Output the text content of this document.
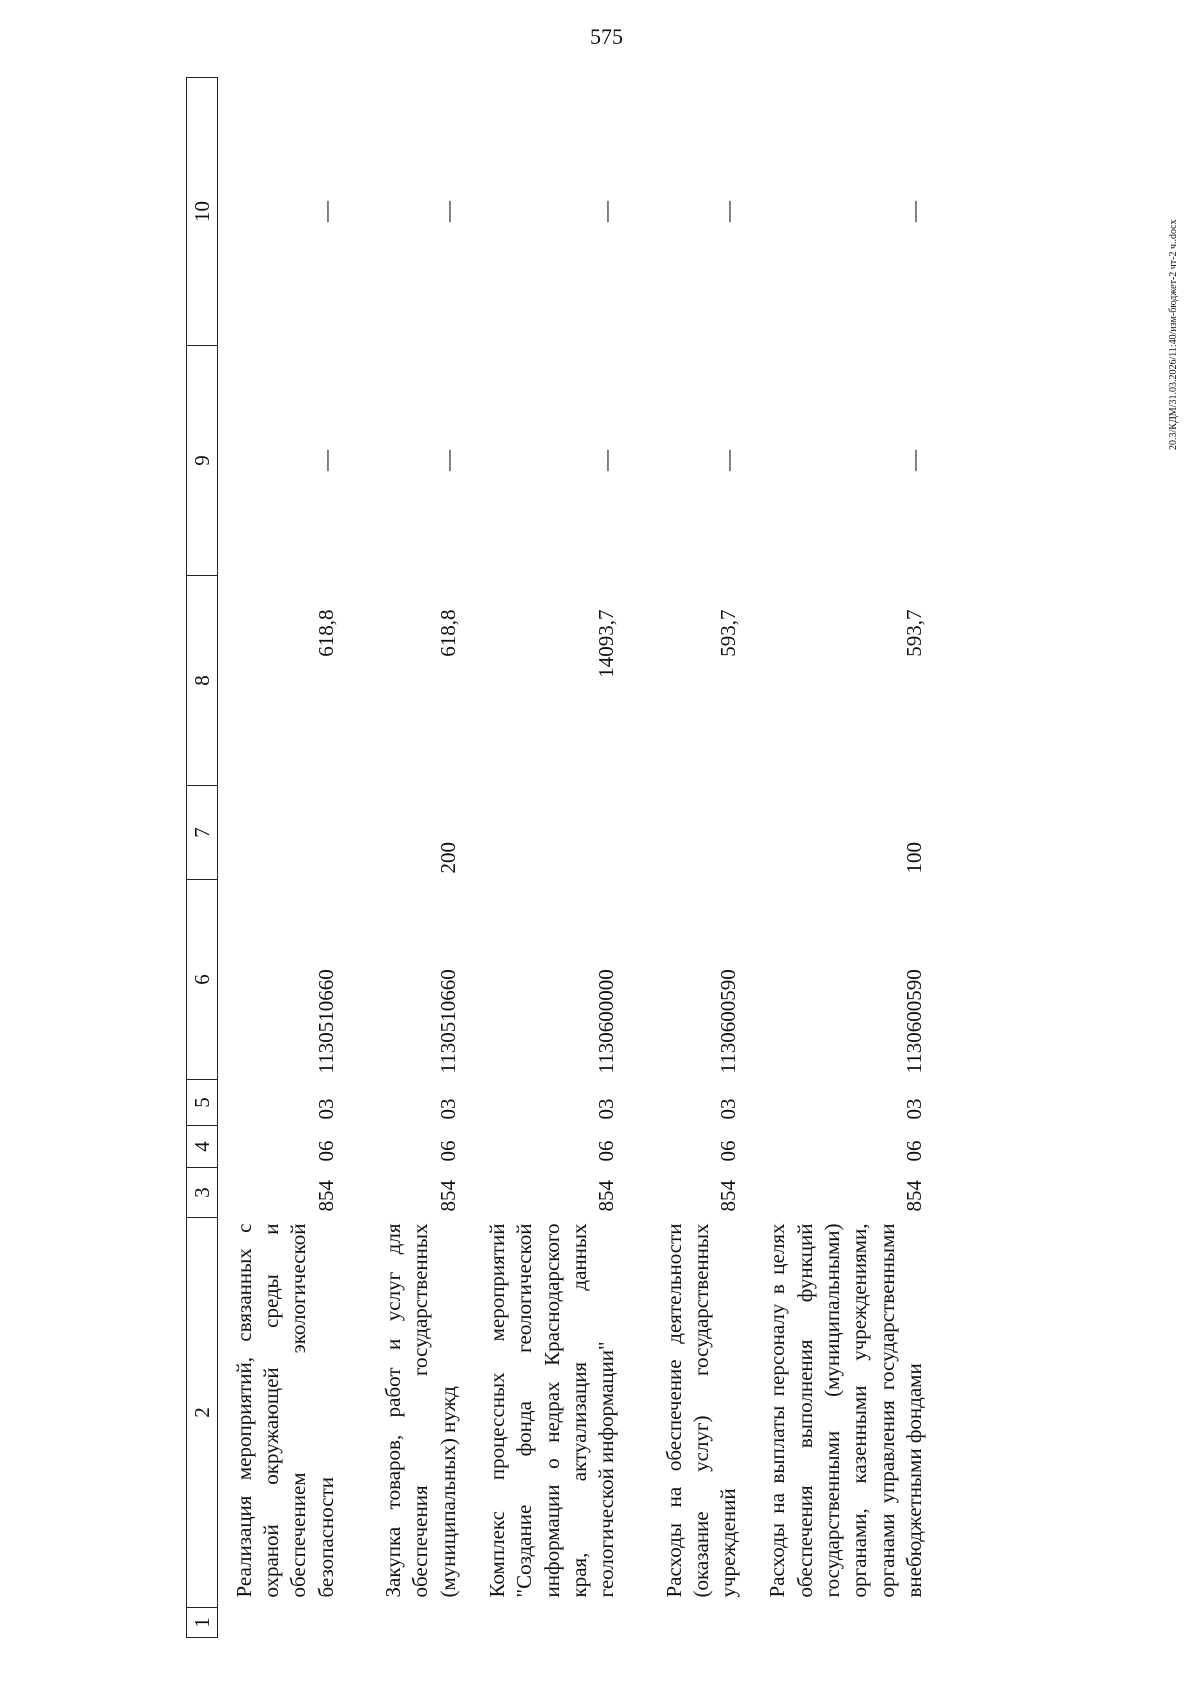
575
20.3/КДМ/31.03.2026/11:40/изм-бюджет-2 чт-2 ч..docx
1	2	3	4	5	6	7	8	9	10
	Реализация мероприятий, связанных с охраной окружающей среды и обеспечением экологической безопасности	854	06	03	1130510660		618,8	—	—
	Закупка товаров, работ и услуг для обеспечения государственных (муниципальных) нужд	854	06	03	1130510660	200	618,8	—	—
	Комплекс процессных мероприятий "Создание фонда геологической информации о недрах Краснодарского края, актуализация данных геологической информации"	854	06	03	1130600000		14093,7	—	—
	Расходы на обеспечение деятельности (оказание услуг) государственных учреждений	854	06	03	1130600590		593,7	—	—
	Расходы на выплаты персоналу в целях обеспечения выполнения функций государственными (муниципальными) органами, казенными учреждениями, органами управления государственными внебюджетными фондами	854	06	03	1130600590	100	593,7	—	—
